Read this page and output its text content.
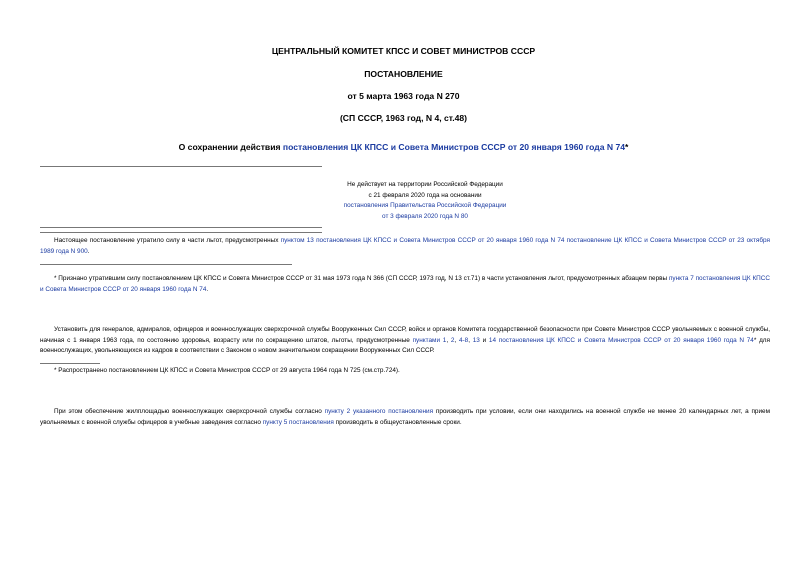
ЦЕНТРАЛЬНЫЙ КОМИТЕТ КПСС И СОВЕТ МИНИСТРОВ СССР
ПОСТАНОВЛЕНИЕ
от 5 марта 1963 года N 270
(СП СССР, 1963 год, N 4, ст.48)
О сохранении действия постановления ЦК КПСС и Совета Министров СССР от 20 января 1960 года N 74*
Не действует на территории Российской Федерации
с 21 февраля 2020 года на основании
постановления Правительства Российской Федерации
от 3 февраля 2020 года N 80
Настоящее постановление утратило силу в части льгот, предусмотренных пунктом 13 постановления ЦК КПСС и Совета Министров СССР от 20 января 1960 года N 74 постановление ЦК КПСС и Совета Министров СССР от 23 октября 1989 года N 900.
* Признано утратившим силу постановлением ЦК КПСС и Совета Министров СССР от 31 мая 1973 года N 366 (СП СССР, 1973 год, N 13 ст.71) в части установления льгот, предусмотренных абзацем первы пункта 7 постановления ЦК КПСС и Совета Министров СССР от 20 января 1960 года N 74.
Установить для генералов, адмиралов, офицеров и военнослужащих сверхсрочной службы Вооруженных Сил СССР, войск и органов Комитета государственной безопасности при Совете Министров СССР увольняемых с военной службы, начиная с 1 января 1963 года, по состоянию здоровья, возрасту или по сокращению штатов, льготы, предусмотренные пунктами 1, 2, 4-8, 13 и 14 постановления ЦК КПСС и Совета Министров СССР от 20 января 1960 года N 74* для военнослужащих, увольняющихся из кадров в соответствии с Законом о новом значительном сокращении Вооруженных Сил СССР.
* Распространено постановлением ЦК КПСС и Совета Министров СССР от 29 августа 1964 года N 725 (см.стр.724).
При этом обеспечение жилплощадью военнослужащих сверхсрочной службы согласно пункту 2 указанного постановления производить при условии, если они находились на военной службе не менее 20 календарных лет, а прием увольняемых с военной службы офицеров в учебные заведения согласно пункту 5 постановления производить в общеустановленные сроки.
